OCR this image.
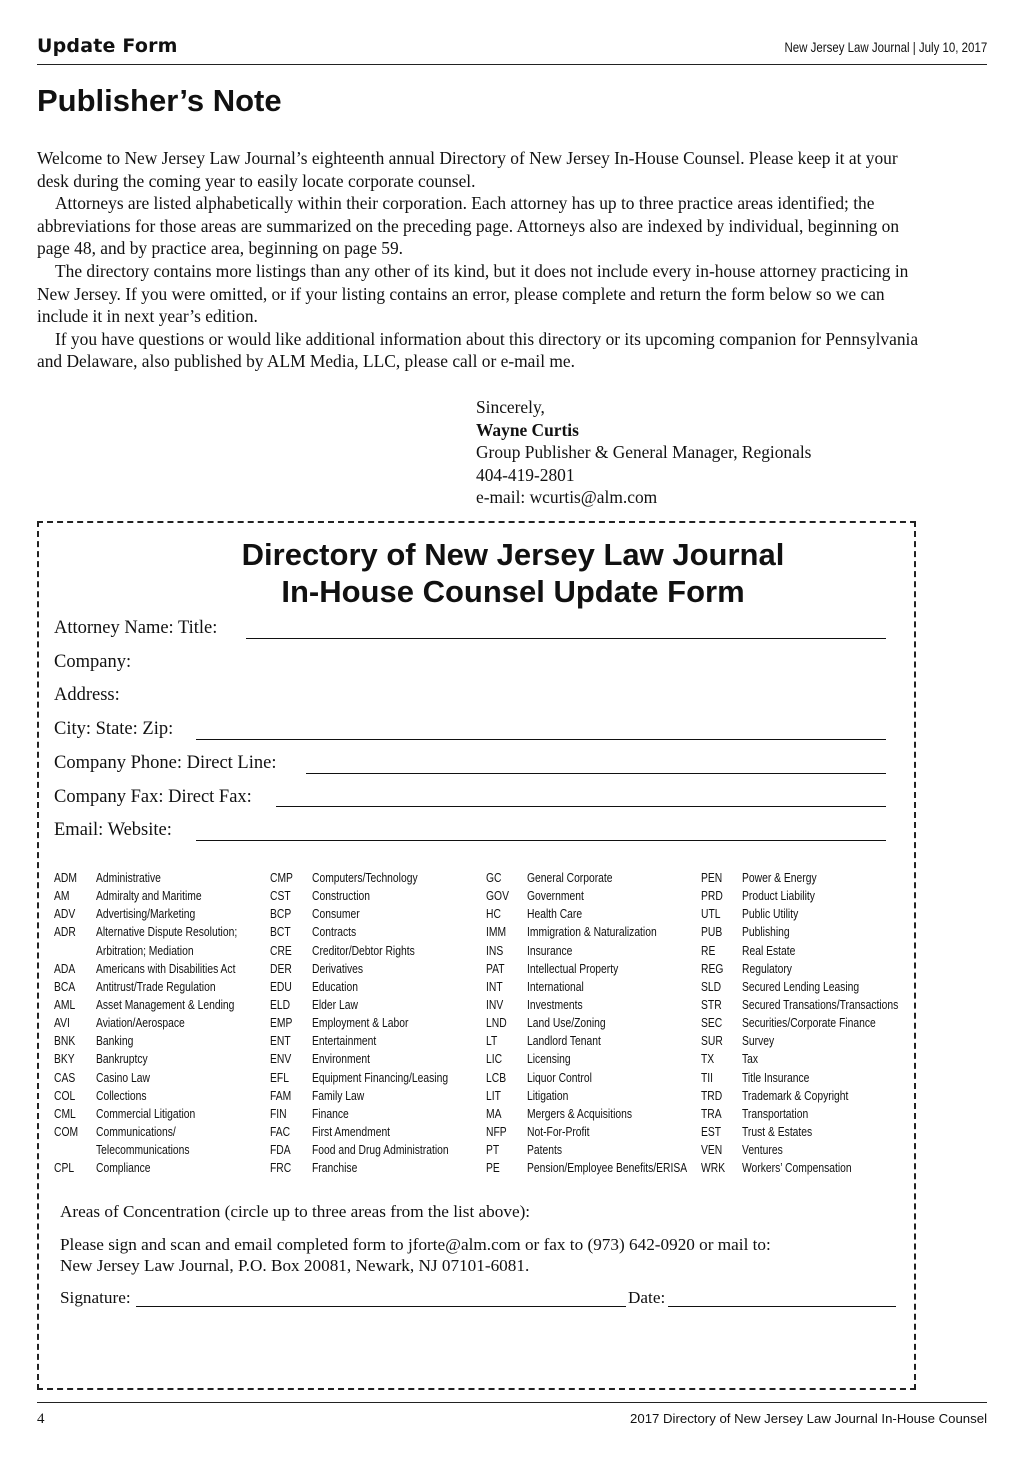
Update Form	New Jersey Law Journal | July 10, 2017
Publisher’s Note

Welcome to New Jersey Law Journal’s eighteenth annual Directory of New Jersey In-House Counsel. Please keep it at your desk during the coming year to easily locate corporate counsel.

Attorneys are listed alphabetically within their corporation. Each attorney has up to three practice areas identified; the abbreviations for those areas are summarized on the preceding page. Attorneys also are indexed by individual, beginning on page 48, and by practice area, beginning on page 59.

The directory contains more listings than any other of its kind, but it does not include every in-house attorney practicing in New Jersey. If you were omitted, or if your listing contains an error, please complete and return the form below so we can include it in next year’s edition.

If you have questions or would like additional information about this directory or its upcoming companion for Pennsylvania and Delaware, also published by ALM Media, LLC, please call or e-mail me.

Sincerely,
Wayne Curtis
Group Publisher & General Manager, Regionals
404-419-2801
e-mail: wcurtis@alm.com
Directory of New Jersey Law Journal
In-House Counsel Update Form
Attorney Name: Title:
Company:
Address:
City: State: Zip:
Company Phone: Direct Line:
Company Fax: Direct Fax:
Email: Website:
ADM	Administrative
AM	Admiralty and Maritime
ADV	Advertising/Marketing
ADR	Alternative Dispute Resolution;
Arbitration; Mediation
ADA	Americans with Disabilities Act
BCA	Antitrust/Trade Regulation
AML	Asset Management & Lending
AVI	Aviation/Aerospace
BNK	Banking
BKY	Bankruptcy
CAS	Casino Law
COL	Collections
CML	Commercial Litigation
COM	Communications/
Telecommunications
CPL	Compliance
CMP	Computers/Technology
CST	Construction
BCP	Consumer
BCT	Contracts
CRE	Creditor/Debtor Rights
DER	Derivatives
EDU	Education
ELD	Elder Law
EMP	Employment & Labor
ENT	Entertainment
ENV	Environment
EFL	Equipment Financing/Leasing
FAM	Family Law
FIN	Finance
FAC	First Amendment
FDA	Food and Drug Administration
FRC	Franchise
GC	General Corporate
GOV	Government
HC	Health Care
IMM	Immigration & Naturalization
INS	Insurance
PAT	Intellectual Property
INT	International
INV	Investments
LND	Land Use/Zoning
LT	Landlord Tenant
LIC	Licensing
LCB	Liquor Control
LIT	Litigation
MA	Mergers & Acquisitions
NFP	Not-For-Profit
PT	Patents
PE	Pension/Employee Benefits/ERISA
PEN	Power & Energy
PRD	Product Liability
UTL	Public Utility
PUB	Publishing
RE	Real Estate
REG	Regulatory
SLD	Secured Lending Leasing
STR	Secured Transations/Transactions
SEC	Securities/Corporate Finance
SUR	Survey
TX	Tax
TII	Title Insurance
TRD	Trademark & Copyright
TRA	Transportation
EST	Trust & Estates
VEN	Ventures
WRK	Workers’ Compensation
Areas of Concentration (circle up to three areas from the list above):
Please sign and scan and email completed form to jforte@alm.com or fax to (973) 642-0920 or mail to:
New Jersey Law Journal, P.O. Box 20081, Newark, NJ 07101-6081.
Signature:	Date:
4	2017 Directory of New Jersey Law Journal In-House Counsel
